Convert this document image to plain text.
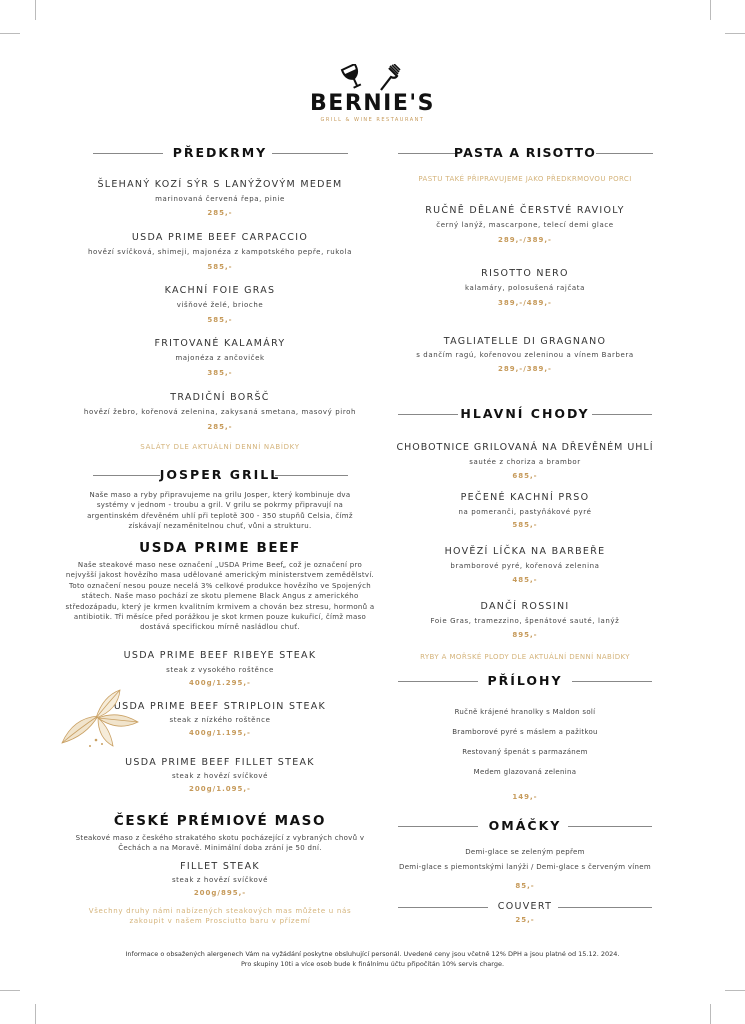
BERNIE'S
GRILL & WINE RESTAURANT
PŘEDKRMY
ŠLEHANÝ KOZÍ SÝR S LANÝŽOVÝM MEDEM
marinovaná červená řepa, pinie
285,-
USDA PRIME BEEF CARPACCIO
hovězí svíčková, shimeji, majonéza z kampotského pepře, rukola
585,-
KACHNÍ FOIE GRAS
višňové želé, brioche
585,-
FRITOVANÉ KALAMÁRY
majonéza z ančoviček
385,-
TRADIČNÍ BORŠČ
hovězí žebro, kořenová zelenina, zakysaná smetana, masový piroh
285,-
SALÁTY DLE AKTUÁLNÍ DENNÍ NABÍDKY
JOSPER GRILL
Naše maso a ryby připravujeme na grilu Josper, který kombinuje dva systémy v jednom - troubu a gril. V grilu se pokrmy připravují na argentinském dřevěném uhlí při teplotě 300 - 350 stupňů Celsia, čímž získávají nezaměnitelnou chuť, vůni a strukturu.
USDA PRIME BEEF
Naše steakové maso nese označení „USDA Prime Beef„ což je označení pro nejvyšší jakost hovězího masa udělované americkým ministerstvem zemědělství. Toto označení nesou pouze necelá 3% celkové produkce hovězího ve Spojených státech. Naše maso pochází ze skotu plemene Black Angus z amerického středozápadu, který je krmen kvalitním krmivem a chován bez stresu, hormonů a antibiotik. Tři měsíce před porážkou je skot krmen pouze kukuřicí, čímž maso dostává specifickou mírně nasládlou chuť.
USDA PRIME BEEF RIBEYE STEAK
steak z vysokého roštěnce
400g/1.295,-
USDA PRIME BEEF STRIPLOIN STEAK
steak z nízkého roštěnce
400g/1.195,-
USDA PRIME BEEF FILLET STEAK
steak z hovězí svíčkové
200g/1.095,-
ČESKÉ PRÉMIOVÉ MASO
Steakové maso z českého strakatého skotu pocházející z vybraných chovů v Čechách a na Moravě. Minimální doba zrání je 50 dní.
FILLET STEAK
steak z hovězí svíčkové
200g/895,-
Všechny druhy námi nabízených steakových mas můžete u nás zakoupit v našem Prosciutto baru v přízemí
PASTA A RISOTTO
PASTU TAKÉ PŘIPRAVUJEME JAKO PŘEDKRMOVOU PORCI
RUČNĚ DĚLANÉ ČERSTVÉ RAVIOLY
černý lanýž, mascarpone, telecí demi glace
289,-/389,-
RISOTTO NERO
kalamáry, polosušená rajčata
389,-/489,-
TAGLIATELLE DI GRAGNANO
s dančím ragú, kořenovou zeleninou a vínem Barbera
289,-/389,-
HLAVNÍ CHODY
CHOBOTNICE GRILOVANÁ NA DŘEVĚNÉM UHLÍ
sautée z choriza a brambor
685,-
PEČENÉ KACHNÍ PRSO
na pomeranči, pastyňákové pyré
585,-
HOVĚZÍ LÍČKA NA BARBEŘE
bramborové pyré, kořenová zelenina
485,-
DANČÍ ROSSINI
Foie Gras, tramezzino, špenátové sauté, lanýž
895,-
RYBY A MOŘSKÉ PLODY DLE AKTUÁLNÍ DENNÍ NABÍDKY
PŘÍLOHY
Ručně krájené hranolky s Maldon solí
Bramborové pyré s máslem a pažitkou
Restovaný špenát s parmazánem
Medem glazovaná zelenina
149,-
OMÁČKY
Demi-glace se zeleným pepřem
Demi-glace s piemontskými lanýži / Demi-glace s červeným vínem
85,-
COUVERT
25,-
Informace o obsažených alergenech Vám na vyžádání poskytne obsluhující personál. Uvedené ceny jsou včetně 12% DPH a jsou platné od 15.12. 2024.
Pro skupiny 10ti a více osob bude k finálnímu účtu připočítán 10% servis charge.
